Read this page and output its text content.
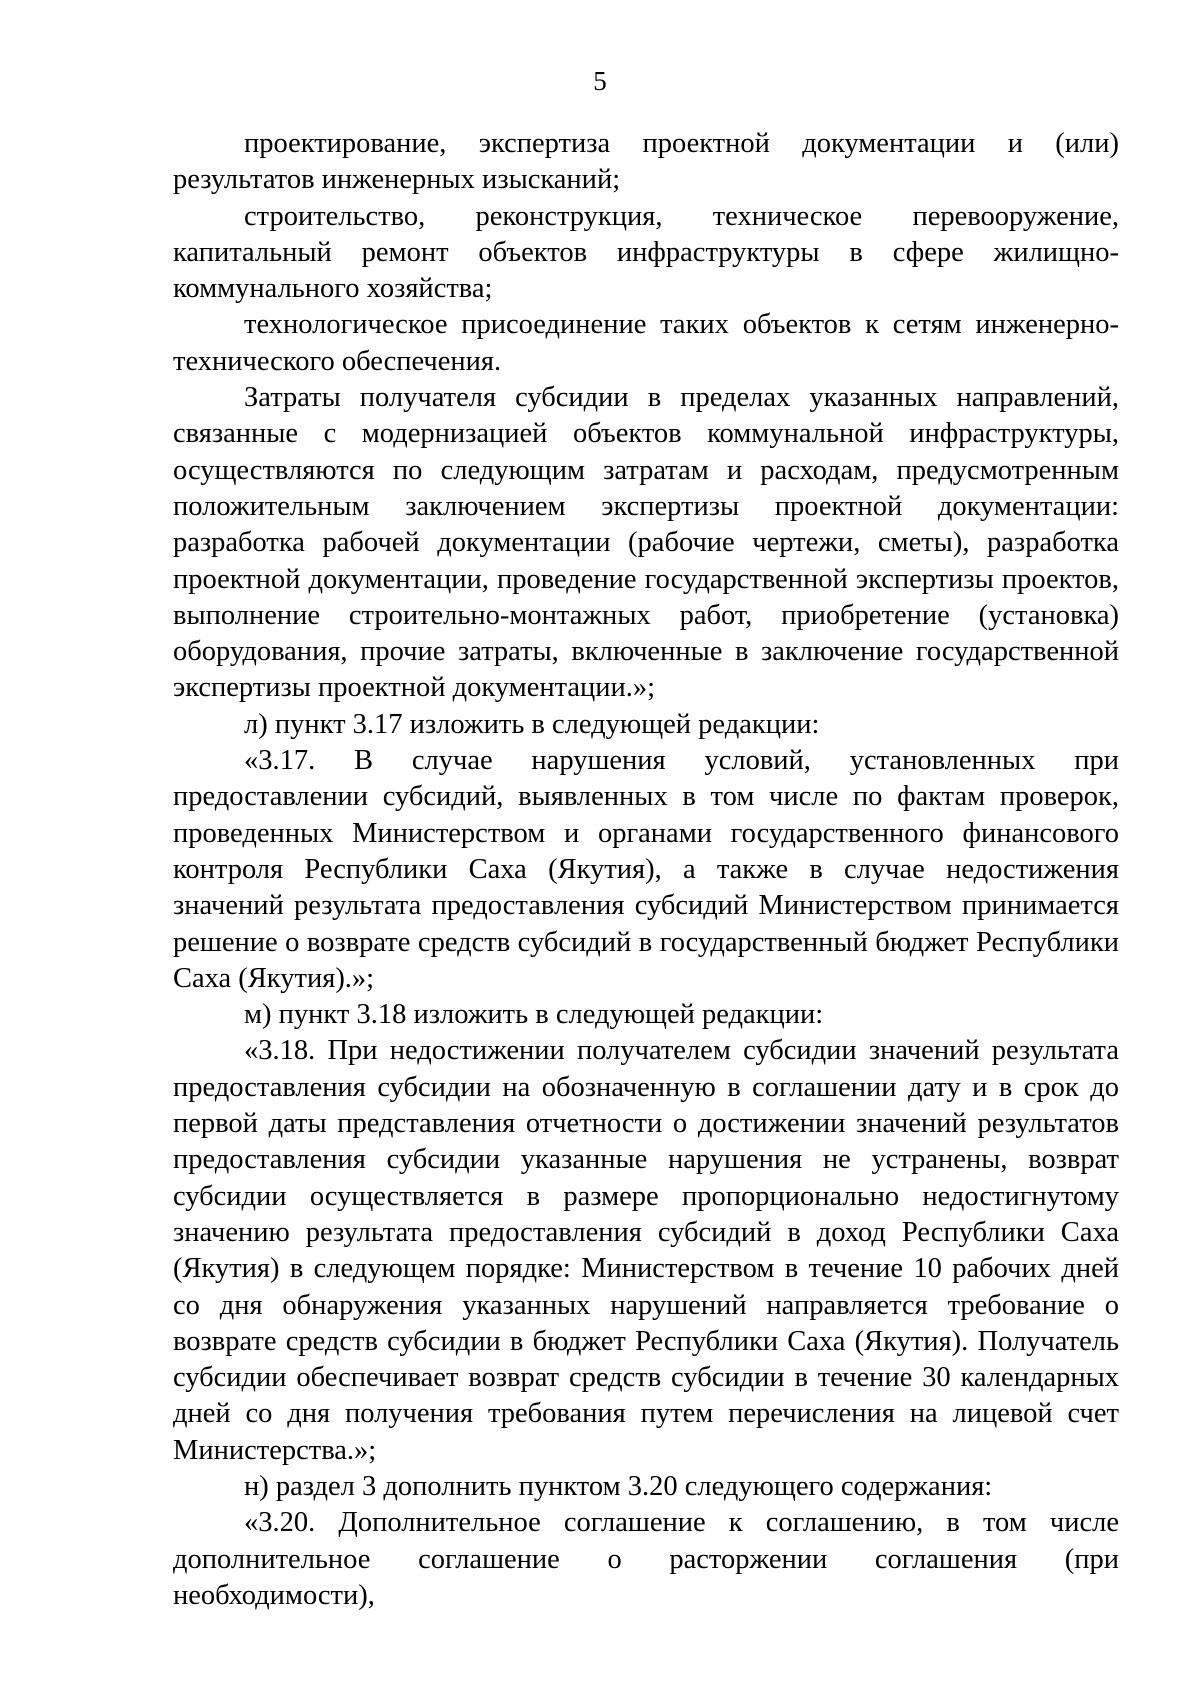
5

проектирование, экспертиза проектной документации и (или) результатов инженерных изысканий;

строительство, реконструкция, техническое перевооружение, капитальный ремонт объектов инфраструктуры в сфере жилищно-коммунального хозяйства;

технологическое присоединение таких объектов к сетям инженерно-технического обеспечения.

Затраты получателя субсидии в пределах указанных направлений, связанные с модернизацией объектов коммунальной инфраструктуры, осуществляются по следующим затратам и расходам, предусмотренным положительным заключением экспертизы проектной документации: разработка рабочей документации (рабочие чертежи, сметы), разработка проектной документации, проведение государственной экспертизы проектов, выполнение строительно-монтажных работ, приобретение (установка) оборудования, прочие затраты, включенные в заключение государственной экспертизы проектной документации.»;

л) пункт 3.17 изложить в следующей редакции:

«3.17. В случае нарушения условий, установленных при предоставлении субсидий, выявленных в том числе по фактам проверок, проведенных Министерством и органами государственного финансового контроля Республики Саха (Якутия), а также в случае недостижения значений результата предоставления субсидий Министерством принимается решение о возврате средств субсидий в государственный бюджет Республики Саха (Якутия).»;

м) пункт 3.18 изложить в следующей редакции:

«3.18. При недостижении получателем субсидии значений результата предоставления субсидии на обозначенную в соглашении дату и в срок до первой даты представления отчетности о достижении значений результатов предоставления субсидии указанные нарушения не устранены, возврат субсидии осуществляется в размере пропорционально недостигнутому значению результата предоставления субсидий в доход Республики Саха (Якутия) в следующем порядке: Министерством в течение 10 рабочих дней со дня обнаружения указанных нарушений направляется требование о возврате средств субсидии в бюджет Республики Саха (Якутия). Получатель субсидии обеспечивает возврат средств субсидии в течение 30 календарных дней со дня получения требования путем перечисления на лицевой счет Министерства.»;

н) раздел 3 дополнить пунктом 3.20 следующего содержания:

«3.20. Дополнительное соглашение к соглашению, в том числе дополнительное соглашение о расторжении соглашения (при необходимости),
